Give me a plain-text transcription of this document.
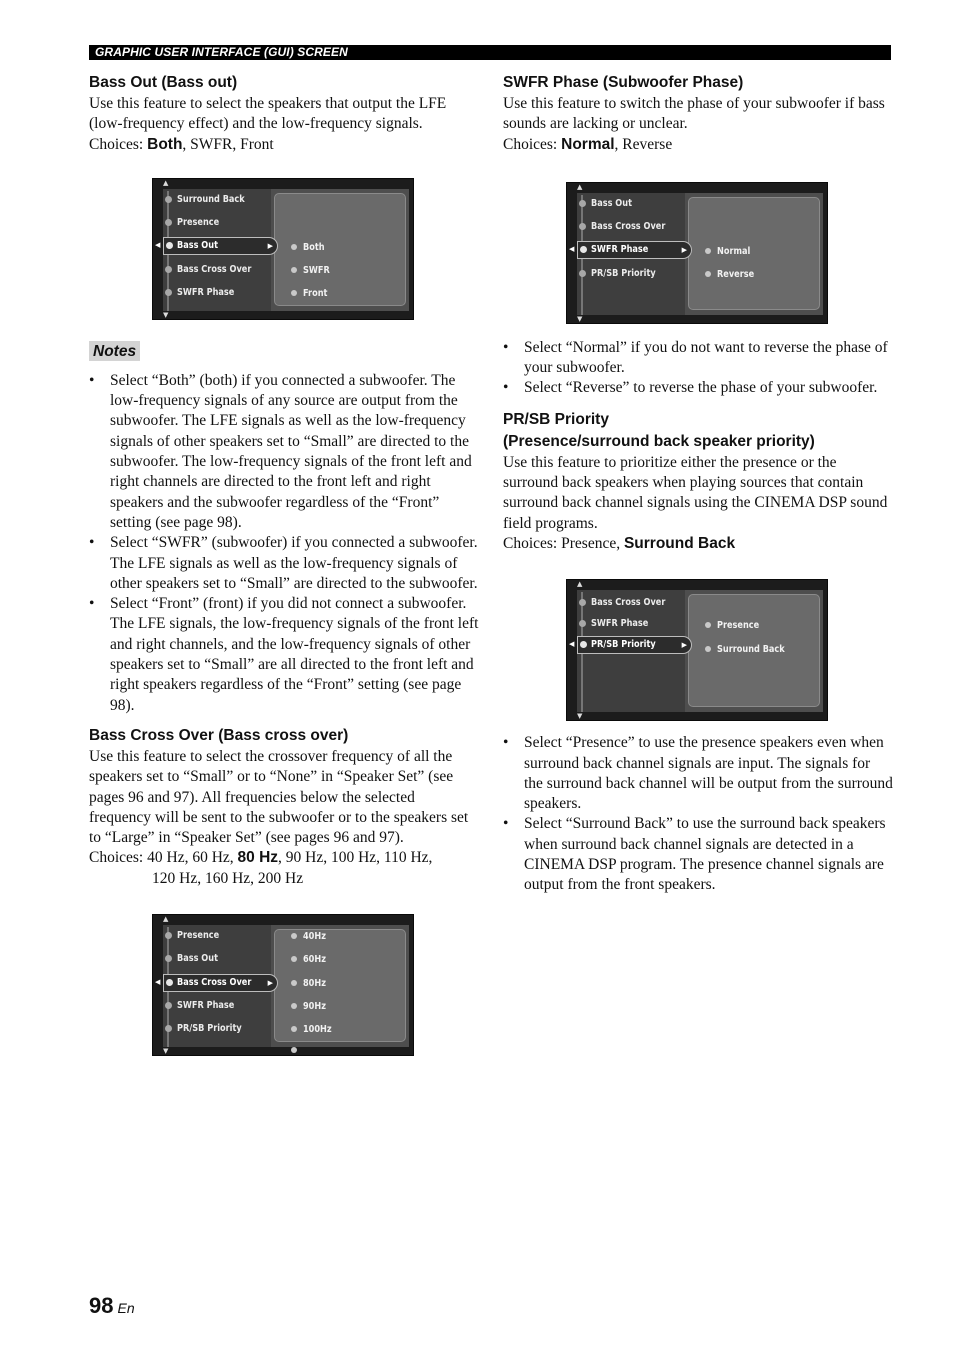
GRAPHIC USER INTERFACE (GUI) SCREEN
Bass Out (Bass out)

Use this feature to select the speakers that output the LFE (low-frequency effect) and the low-frequency signals.

Choices: Both, SWFR, Front

▲
▼
Surround Back
Presence
Bass Out	▶
◀
Bass Cross Over
SWFR Phase
Both
SWFR
Front
Notes
• Select “Both” (both) if you connected a subwoofer. The low-frequency signals of any source are output from the subwoofer. The LFE signals as well as the low-frequency signals of other speakers set to “Small” are directed to the subwoofer. The low-frequency signals of the front left and right channels are directed to the front left and right speakers and the subwoofer regardless of the “Front” setting (see page 98).
• Select “SWFR” (subwoofer) if you connected a subwoofer. The LFE signals as well as the low-frequency signals of other speakers set to “Small” are directed to the subwoofer.
• Select “Front” (front) if you did not connect a subwoofer. The LFE signals, the low-frequency signals of the front left and right channels, and the low-frequency signals of other speakers set to “Small” are all directed to the front left and right speakers regardless of the “Front” setting (see page 98).
Bass Cross Over (Bass cross over)

Use this feature to select the crossover frequency of all the speakers set to “Small” or to “None” in “Speaker Set” (see pages 96 and 97). All frequencies below the selected frequency will be sent to the subwoofer or to the speakers set to “Large” in “Speaker Set” (see pages 96 and 97).

Choices: 40 Hz, 60 Hz, 80 Hz, 90 Hz, 100 Hz, 110 Hz,

120 Hz, 160 Hz, 200 Hz

▲
▼
Presence
Bass Out
Bass Cross Over ▶
◀
SWFR Phase
PR/SB Priority
40Hz
60Hz
80Hz
90Hz
100Hz
SWFR Phase (Subwoofer Phase)

Use this feature to switch the phase of your subwoofer if bass sounds are lacking or unclear.

Choices: Normal, Reverse

▲
▼
Bass Out
Bass Cross Over
SWFR Phase	▶
◀
PR/SB Priority
Normal
Reverse
• Select “Normal” if you do not want to reverse the phase of your subwoofer.
• Select “Reverse” to reverse the phase of your subwoofer.
PR/SB Priority
(Presence/surround back speaker priority)

Use this feature to prioritize either the presence or the surround back speakers when playing sources that contain surround back channel signals using the CINEMA DSP sound field programs.

Choices: Presence, Surround Back

▲
▼
Bass Cross Over
SWFR Phase
PR/SB Priority	▶
◀
Presence
Surround Back
• Select “Presence” to use the presence speakers even when surround back channel signals are input. The signals for the surround back channel will be output from the surround speakers.
• Select “Surround Back” to use the surround back speakers when surround back channel signals are detected in a CINEMA DSP program. The presence channel signals are output from the front speakers.
98 En
